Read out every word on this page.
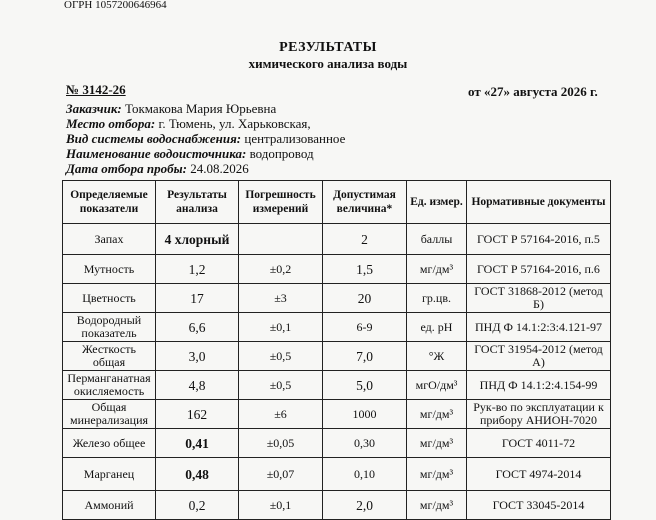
ОГРН 1057200646964
РЕЗУЛЬТАТЫ
химического анализа воды
№ 3142-26	от «27» августа 2026 г.
Заказчик: Токмакова Мария Юрьевна
Место отбора: г. Тюмень, ул. Харьковская,
Вид системы водоснабжения: централизованное
Наименование водоисточника: водопровод
Дата отбора пробы: 24.08.2026
Определяемые показатели	Результаты анализа	Погрешность измерений	Допустимая величина*	Ед. измер.	Нормативные документы
Запах	4 хлорный		2	баллы	ГОСТ Р 57164-2016, п.5
Мутность	1,2	±0,2	1,5	мг/дм³	ГОСТ Р 57164-2016, п.6
Цветность	17	±3	20	гр.цв.	ГОСТ 31868-2012 (метод Б)
Водородный показатель	6,6	±0,1	6-9	ед. pH	ПНД Ф 14.1:2:3:4.121-97
Жесткость общая	3,0	±0,5	7,0	°Ж	ГОСТ 31954-2012 (метод А)
Перманганатная окисляемость	4,8	±0,5	5,0	мгО/дм³	ПНД Ф 14.1:2:4.154-99
Общая минерализация	162	±6	1000	мг/дм³	Рук-во по эксплуатации к прибору АНИОН-7020
Железо общее	0,41	±0,05	0,30	мг/дм³	ГОСТ 4011-72
Марганец	0,48	±0,07	0,10	мг/дм³	ГОСТ 4974-2014
Аммоний	0,2	±0,1	2,0	мг/дм³	ГОСТ 33045-2014
